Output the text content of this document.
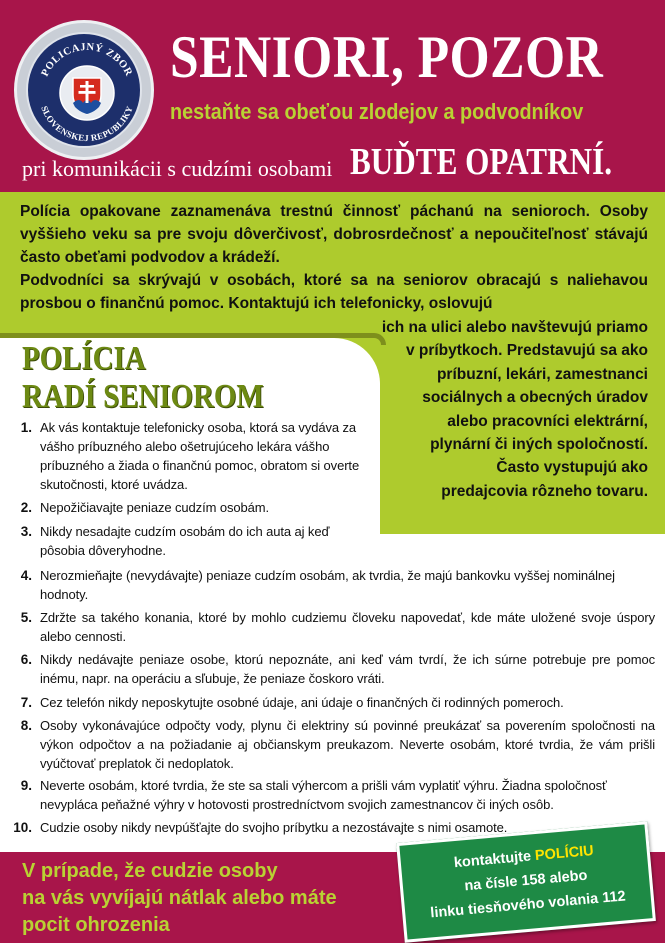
POLICAJNÝ ZBOR
SLOVENSKEJ REPUBLIKY
SENIORI, POZOR
nestaňte sa obeťou zlodejov a podvodníkov
pri komunikácii s cudzími osobami BUĎTE OPATRNÍ.

Polícia opakovane zaznamenáva trestnú činnosť páchanú na senioroch. Osoby vyššieho veku sa pre svoju dôverčivosť, dobrosrdečnosť a nepoučiteľnosť stávajú často obeťami podvodov a krádeží.

Podvodníci sa skrývajú v osobách, ktoré sa na seniorov obracajú s naliehavou prosbou o finančnú pomoc. Kontaktujú ich telefonicky, oslovujú

ich na ulici alebo navštevujú priamo
v príbytkoch. Predstavujú sa ako
príbuzní, lekári, zamestnanci
sociálnych a obecných úradov
alebo pracovníci elektrární,
plynární či iných spoločností.
Často vystupujú ako
predajcovia rôzneho tovaru.
POLÍCIA
RADÍ SENIOROM
1. Ak vás kontaktuje telefonicky osoba, ktorá sa vydáva za vášho príbuzného alebo ošetrujúceho lekára vášho príbuzného a žiada o finančnú pomoc, obratom si overte skutočnosti, ktoré uvádza.
2. Nepožičiavajte peniaze cudzím osobám.
3. Nikdy nesadajte cudzím osobám do ich auta aj keď pôsobia dôveryhodne.
4. Nerozmieňajte (nevydávajte) peniaze cudzím osobám, ak tvrdia, že majú bankovku vyššej nominálnej hodnoty.
5. Zdržte sa takého konania, ktoré by mohlo cudziemu človeku napovedať, kde máte uložené svoje úspory alebo cennosti.
6. Nikdy nedávajte peniaze osobe, ktorú nepoznáte, ani keď vám tvrdí, že ich súrne potrebuje pre pomoc inému, napr. na operáciu a sľubuje, že peniaze čoskoro vráti.
7. Cez telefón nikdy neposkytujte osobné údaje, ani údaje o finančných či rodinných pomeroch.
8. Osoby vykonávajúce odpočty vody, plynu či elektriny sú povinné preukázať sa poverením spoločnosti na výkon odpočtov a na požiadanie aj občianskym preukazom. Neverte osobám, ktoré tvrdia, že vám prišli vyúčtovať preplatok či nedoplatok.
9. Neverte osobám, ktoré tvrdia, že ste sa stali výhercom a prišli vám vyplatiť výhru. Žiadna spoločnosť nevypláca peňažné výhry v hotovosti prostredníctvom svojich zamestnancov či iných osôb.
10. Cudzie osoby nikdy nevpúšťajte do svojho príbytku a nezostávajte s nimi osamote.
V prípade, že cudzie osoby
na vás vyvíjajú nátlak alebo máte
pocit ohrozenia
kontaktujte POLÍCIU
na čísle 158 alebo
linku tiesňového volania 112
